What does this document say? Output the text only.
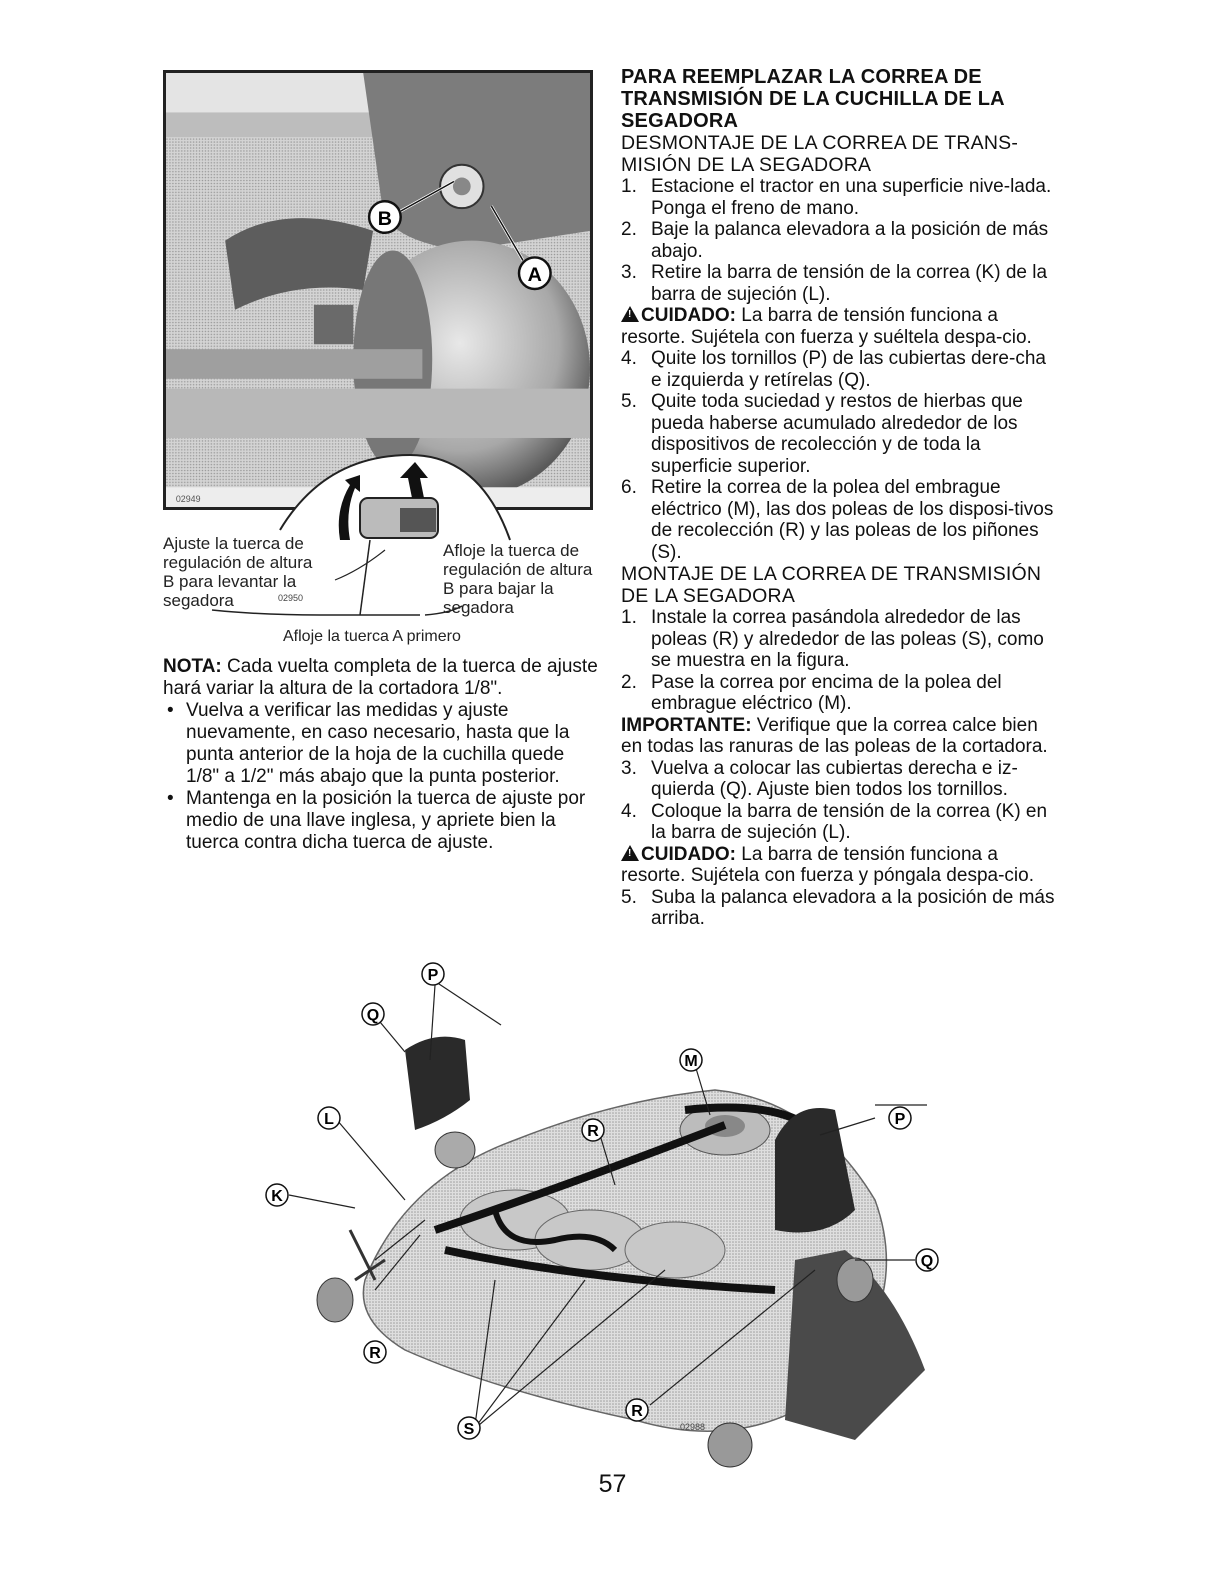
02949
B
A
Ajuste la tuerca de regulación de altura B para levantar la segadora	02950
Afloje la tuerca de regulación de altura B para bajar la segadora
Afloje la tuerca A primero

NOTA: Cada vuelta completa de la tuerca de ajuste hará variar la altura de la cortadora 1/8".

• Vuelva a verificar las medidas y ajuste nuevamente, en caso necesario, hasta que la punta anterior de la hoja de la cuchilla quede 1/8" a 1/2" más abajo que la punta posterior.

• Mantenga en la posición la tuerca de ajuste por medio de una llave inglesa, y apriete bien la tuerca contra dicha tuerca de ajuste.

PARA REEMPLAZAR LA CORREA DE TRANSMISIÓN DE LA CUCHILLA DE LA SEGADORA

DESMONTAJE DE LA CORREA DE TRANS-MISIÓN DE LA SEGADORA

1. Estacione el tractor en una superficie nive-lada. Ponga el freno de mano.

2. Baje la palanca elevadora a la posición de más abajo.

3. Retire la barra de tensión de la correa (K) de la barra de sujeción (L).

!CUIDADO: La barra de tensión funciona a resorte. Sujétela con fuerza y suéltela despa-cio.

4. Quite los tornillos (P) de las cubiertas dere-cha e izquierda y retírelas (Q).

5. Quite toda suciedad y restos de hierbas que pueda haberse acumulado alrededor de los dispositivos de recolección y de toda la superficie superior.

6. Retire la correa de la polea del embrague eléctrico (M), las dos poleas de los disposi-tivos de recolección (R) y las poleas de los piñones (S).

MONTAJE DE LA CORREA DE TRANSMISIÓN DE LA SEGADORA

1. Instale la correa pasándola alrededor de las poleas (R) y alrededor de las poleas (S), como se muestra en la figura.

2. Pase la correa por encima de la polea del embrague eléctrico (M).

IMPORTANTE: Verifique que la correa calce bien en todas las ranuras de las poleas de la cortadora.

3. Vuelva a colocar las cubiertas derecha e iz-quierda (Q). Ajuste bien todos los tornillos.

4. Coloque la barra de tensión de la correa (K) en la barra de sujeción (L).

!CUIDADO: La barra de tensión funciona a resorte. Sujétela con fuerza y póngala despa-cio.

5. Suba la palanca elevadora a la posición de más arriba.

P
Q
L
K
R
M
P
Q
R
S
R
02988
57
